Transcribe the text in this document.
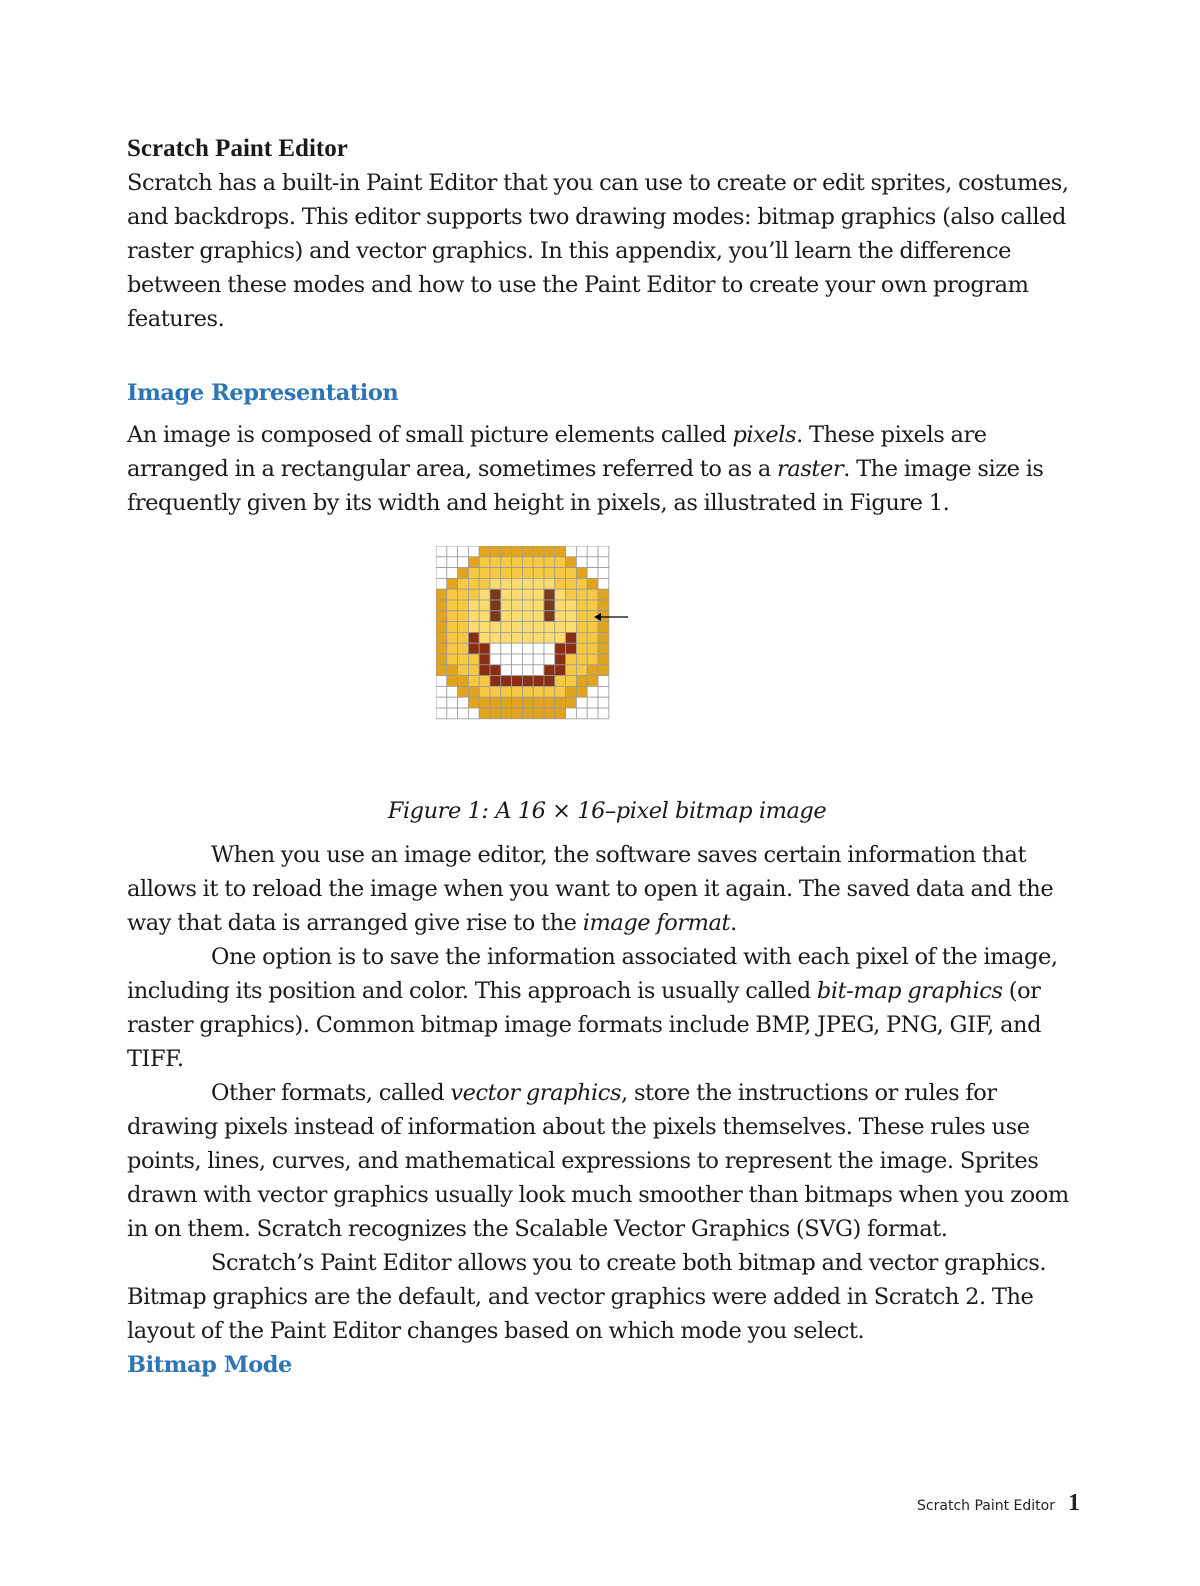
Scratch Paint Editor

Scratch has a built-in Paint Editor that you can use to create or edit sprites, costumes, and backdrops. This editor supports two drawing modes: bitmap graphics (also called raster graphics) and vector graphics. In this appendix, you’ll learn the difference between these modes and how to use the Paint Editor to create your own program features.

Image Representation

An image is composed of small picture elements called pixels. These pixels are arranged in a rectangular area, sometimes referred to as a raster. The image size is frequently given by its width and height in pixels, as illustrated in Figure 1.

Figure 1: A 16 × 16–pixel bitmap image

When you use an image editor, the software saves certain information that allows it to reload the image when you want to open it again. The saved data and the way that data is arranged give rise to the image format.

One option is to save the information associated with each pixel of the image, including its position and color. This approach is usually called bit-map graphics (or raster graphics). Common bitmap image formats include BMP, JPEG, PNG, GIF, and TIFF.

Other formats, called vector graphics, store the instructions or rules for drawing pixels instead of information about the pixels themselves. These rules use points, lines, curves, and mathematical expressions to represent the image. Sprites drawn with vector graphics usually look much smoother than bitmaps when you zoom in on them. Scratch recognizes the Scalable Vector Graphics (SVG) format.

Scratch’s Paint Editor allows you to create both bitmap and vector graphics. Bitmap graphics are the default, and vector graphics were added in Scratch 2. The layout of the Paint Editor changes based on which mode you select.

Bitmap Mode
Scratch Paint Editor 1
